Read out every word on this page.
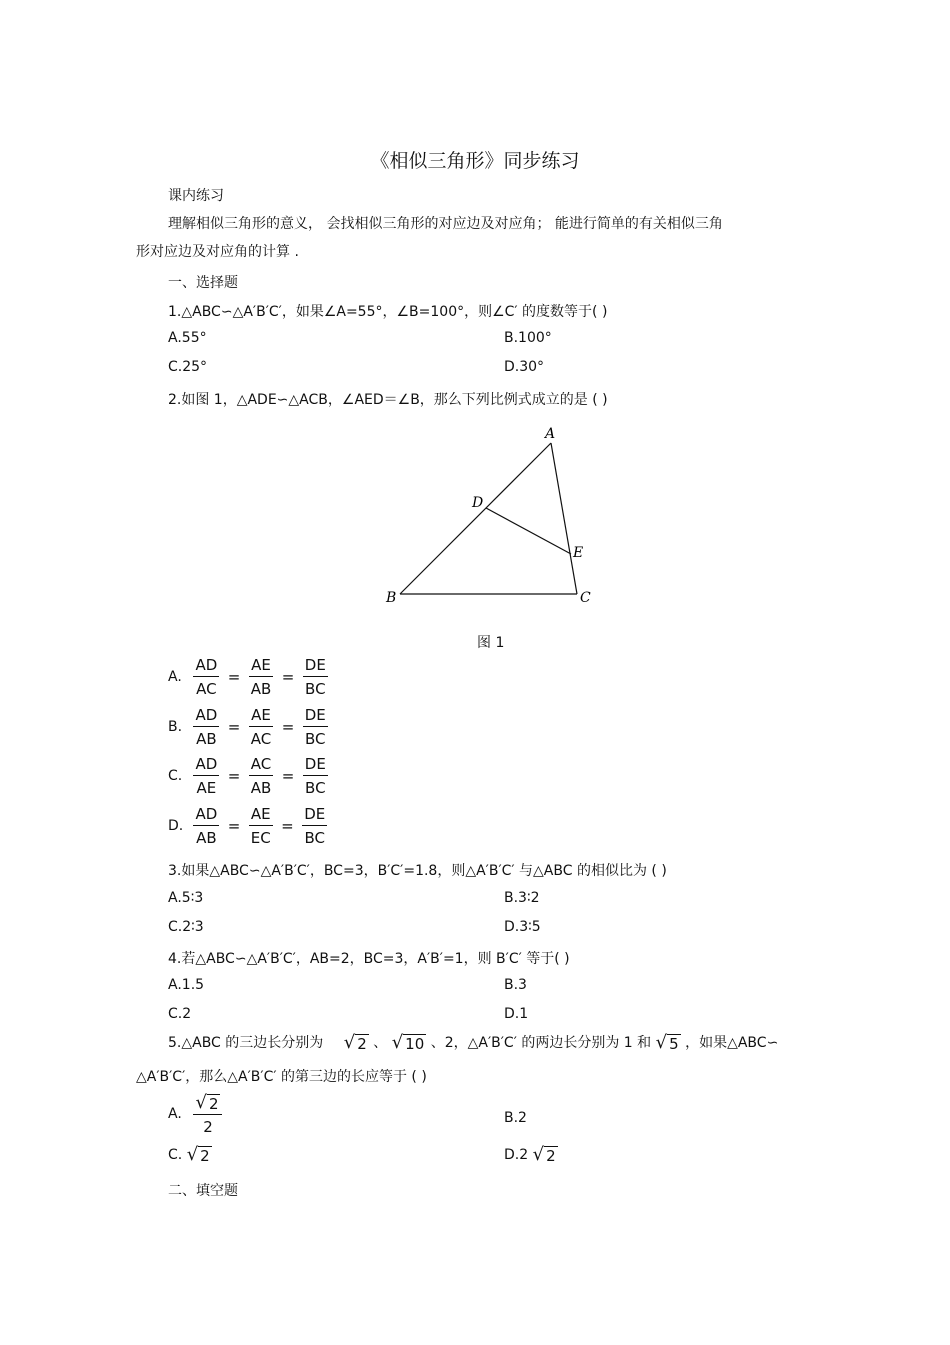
《相似三角形》同步练习
课内练习
理解相似三角形的意义， 会找相似三角形的对应边及对应角； 能进行简单的有关相似三角
形对应边及对应角的计算 .
一、选择题
1.△ABC∽△A′B′C′，如果∠A=55°，∠B=100°，则∠C′ 的度数等于( )
A.55°	B.100°
C.25°	D.30°
2.如图 1，△ADE∽△ACB，∠AED＝∠B，那么下列比例式成立的是 ( )
A
B	C
D
E
图 1
A. $\frac{AD}{AC} = \frac{AE}{AB} = \frac{DE}{BC}$
B. $\frac{AD}{AB} = \frac{AE}{AC} = \frac{DE}{BC}$
C. $\frac{AD}{AE} = \frac{AC}{AB} = \frac{DE}{BC}$
D. $\frac{AD}{AB} = \frac{AE}{EC} = \frac{DE}{BC}$
3.如果△ABC∽△A′B′C′，BC=3，B′C′=1.8，则△A′B′C′ 与△ABC 的相似比为 ( )
A.5∶3	B.3∶2
C.2∶3	D.3∶5
4.若△ABC∽△A′B′C′，AB=2，BC=3，A′B′=1，则 B′C′ 等于( )
A.1.5	B.3
C.2	D.1
5.△ABC 的三边长分别为 √ 2 、 √ 10 、2，△A′B′C′ 的两边长分别为 1 和 √ 5 ，如果△ABC∽
△A′B′C′，那么△A′B′C′ 的第三边的长应等于 ( )
A. $\frac{√ 2}{2}$	B.2
C. √ 2	D.2 √ 2
二、填空题
